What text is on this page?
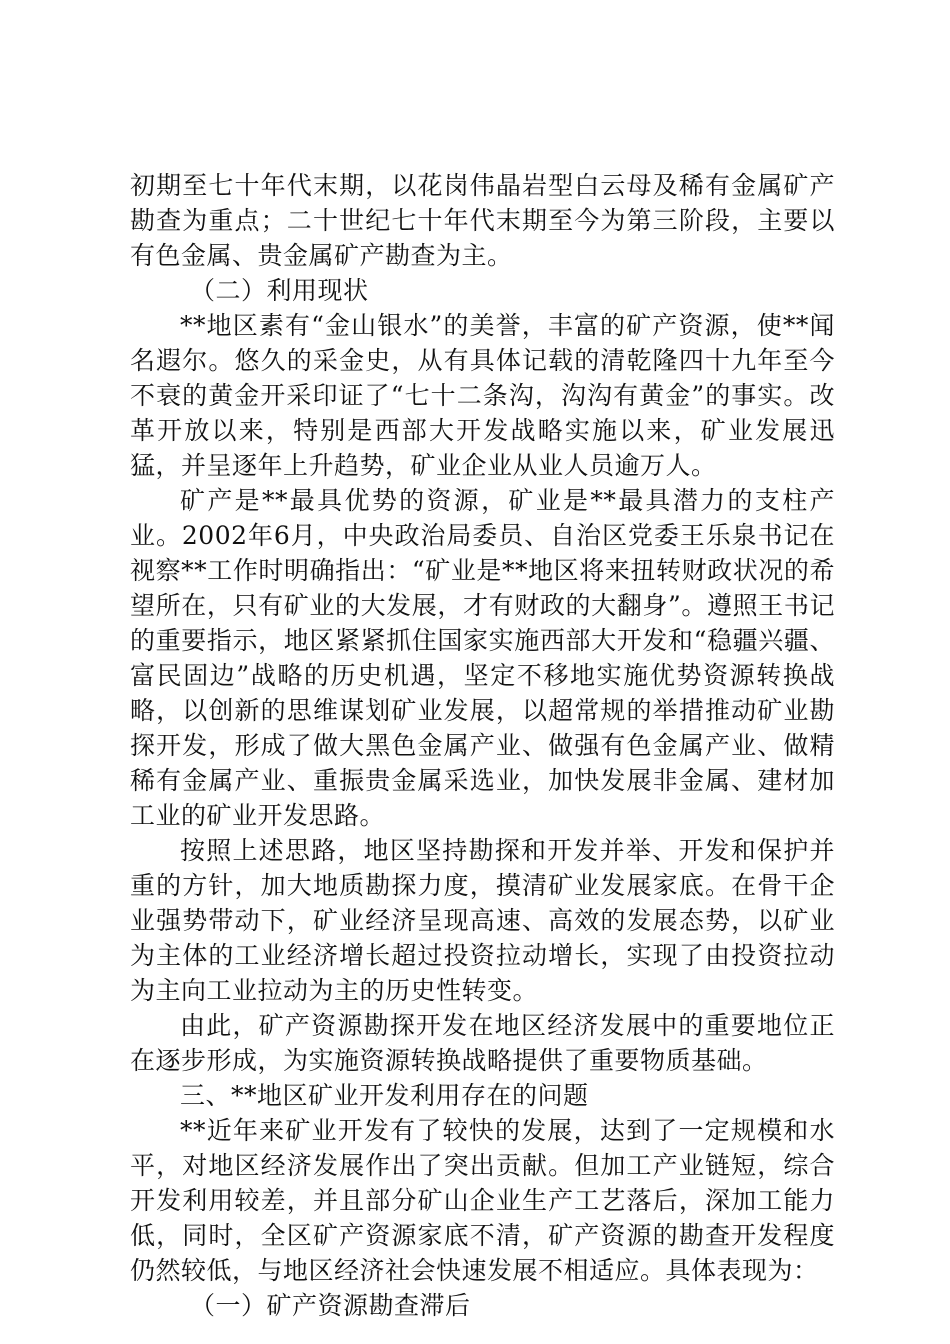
初期至七十年代末期，以花岗伟晶岩型白云母及稀有金属矿产勘查为重点；二十世纪七十年代末期至今为第三阶段，主要以有色金属、贵金属矿产勘查为主。

（二）利用现状

**地区素有“金山银水”的美誉，丰富的矿产资源，使**闻名遐尔。悠久的采金史，从有具体记载的清乾隆四十九年至今不衰的黄金开采印证了“七十二条沟，沟沟有黄金”的事实。改革开放以来，特别是西部大开发战略实施以来，矿业发展迅猛，并呈逐年上升趋势，矿业企业从业人员逾万人。

矿产是**最具优势的资源，矿业是**最具潜力的支柱产业。2002年6月，中央政治局委员、自治区党委王乐泉书记在视察**工作时明确指出：“矿业是**地区将来扭转财政状况的希望所在，只有矿业的大发展，才有财政的大翻身”。遵照王书记的重要指示，地区紧紧抓住国家实施西部大开发和“稳疆兴疆、富民固边”战略的历史机遇，坚定不移地实施优势资源转换战略，以创新的思维谋划矿业发展，以超常规的举措推动矿业勘探开发，形成了做大黑色金属产业、做强有色金属产业、做精稀有金属产业、重振贵金属采选业，加快发展非金属、建材加工业的矿业开发思路。

按照上述思路，地区坚持勘探和开发并举、开发和保护并重的方针，加大地质勘探力度，摸清矿业发展家底。在骨干企业强势带动下，矿业经济呈现高速、高效的发展态势，以矿业为主体的工业经济增长超过投资拉动增长，实现了由投资拉动为主向工业拉动为主的历史性转变。

由此，矿产资源勘探开发在地区经济发展中的重要地位正在逐步形成，为实施资源转换战略提供了重要物质基础。

三、**地区矿业开发利用存在的问题

**近年来矿业开发有了较快的发展，达到了一定规模和水平，对地区经济发展作出了突出贡献。但加工产业链短，综合开发利用较差，并且部分矿山企业生产工艺落后，深加工能力低，同时，全区矿产资源家底不清，矿产资源的勘查开发程度仍然较低，与地区经济社会快速发展不相适应。具体表现为：

（一）矿产资源勘查滞后
